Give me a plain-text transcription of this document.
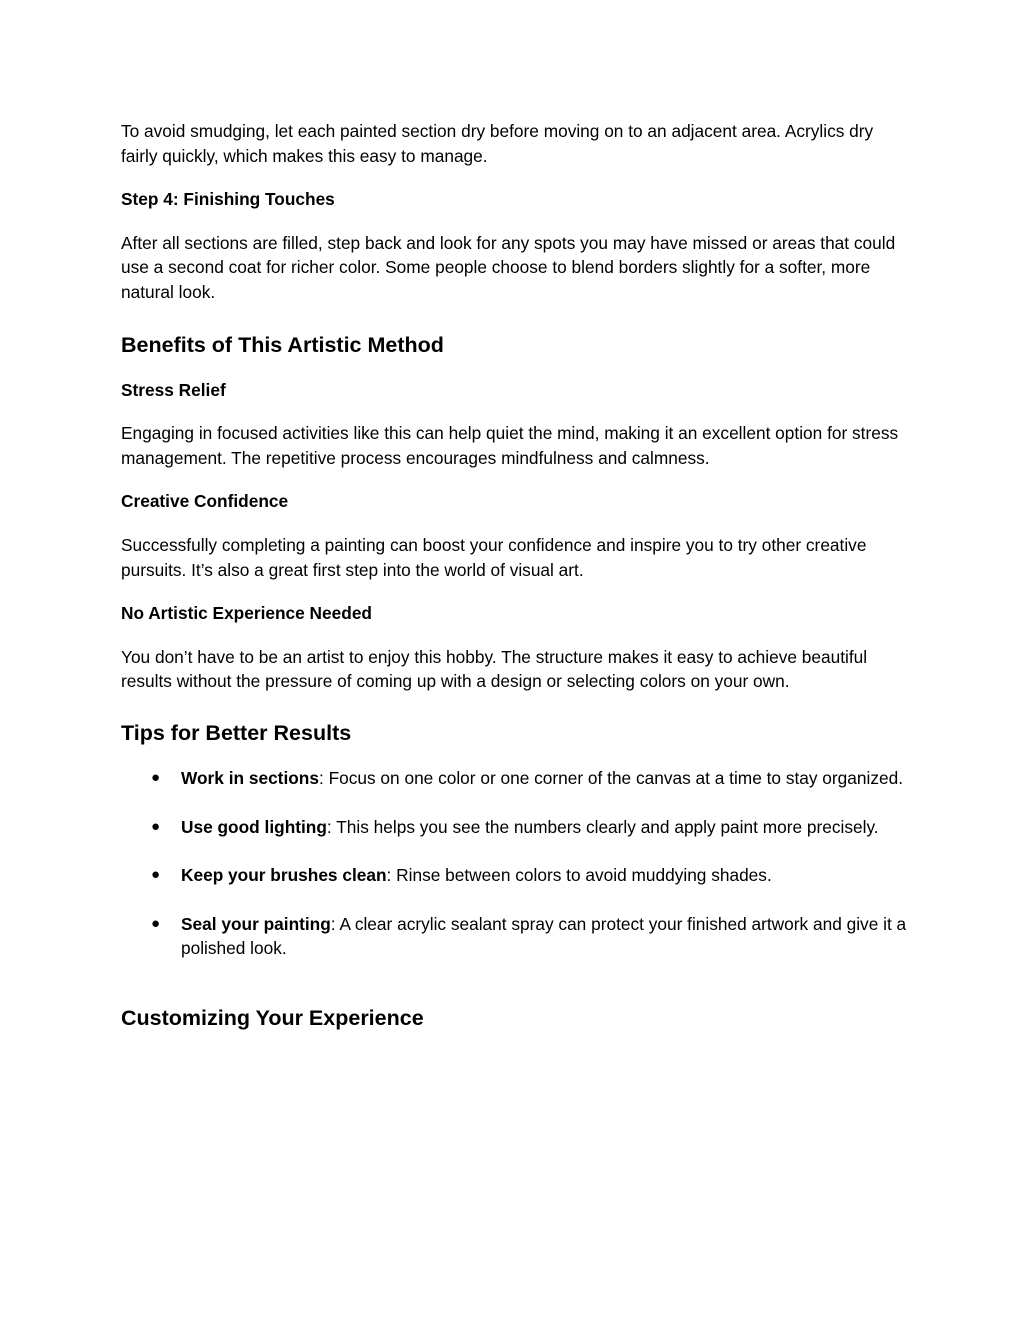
To avoid smudging, let each painted section dry before moving on to an adjacent area. Acrylics dry fairly quickly, which makes this easy to manage.

Step 4: Finishing Touches

After all sections are filled, step back and look for any spots you may have missed or areas that could use a second coat for richer color. Some people choose to blend borders slightly for a softer, more natural look.

Benefits of This Artistic Method

Stress Relief

Engaging in focused activities like this can help quiet the mind, making it an excellent option for stress management. The repetitive process encourages mindfulness and calmness.

Creative Confidence

Successfully completing a painting can boost your confidence and inspire you to try other creative pursuits. It’s also a great first step into the world of visual art.

No Artistic Experience Needed

You don’t have to be an artist to enjoy this hobby. The structure makes it easy to achieve beautiful results without the pressure of coming up with a design or selecting colors on your own.

Tips for Better Results
● Work in sections: Focus on one color or one corner of the canvas at a time to stay organized.
● Use good lighting: This helps you see the numbers clearly and apply paint more precisely.
● Keep your brushes clean: Rinse between colors to avoid muddying shades.
● Seal your painting: A clear acrylic sealant spray can protect your finished artwork and give it a polished look.
Customizing Your Experience
